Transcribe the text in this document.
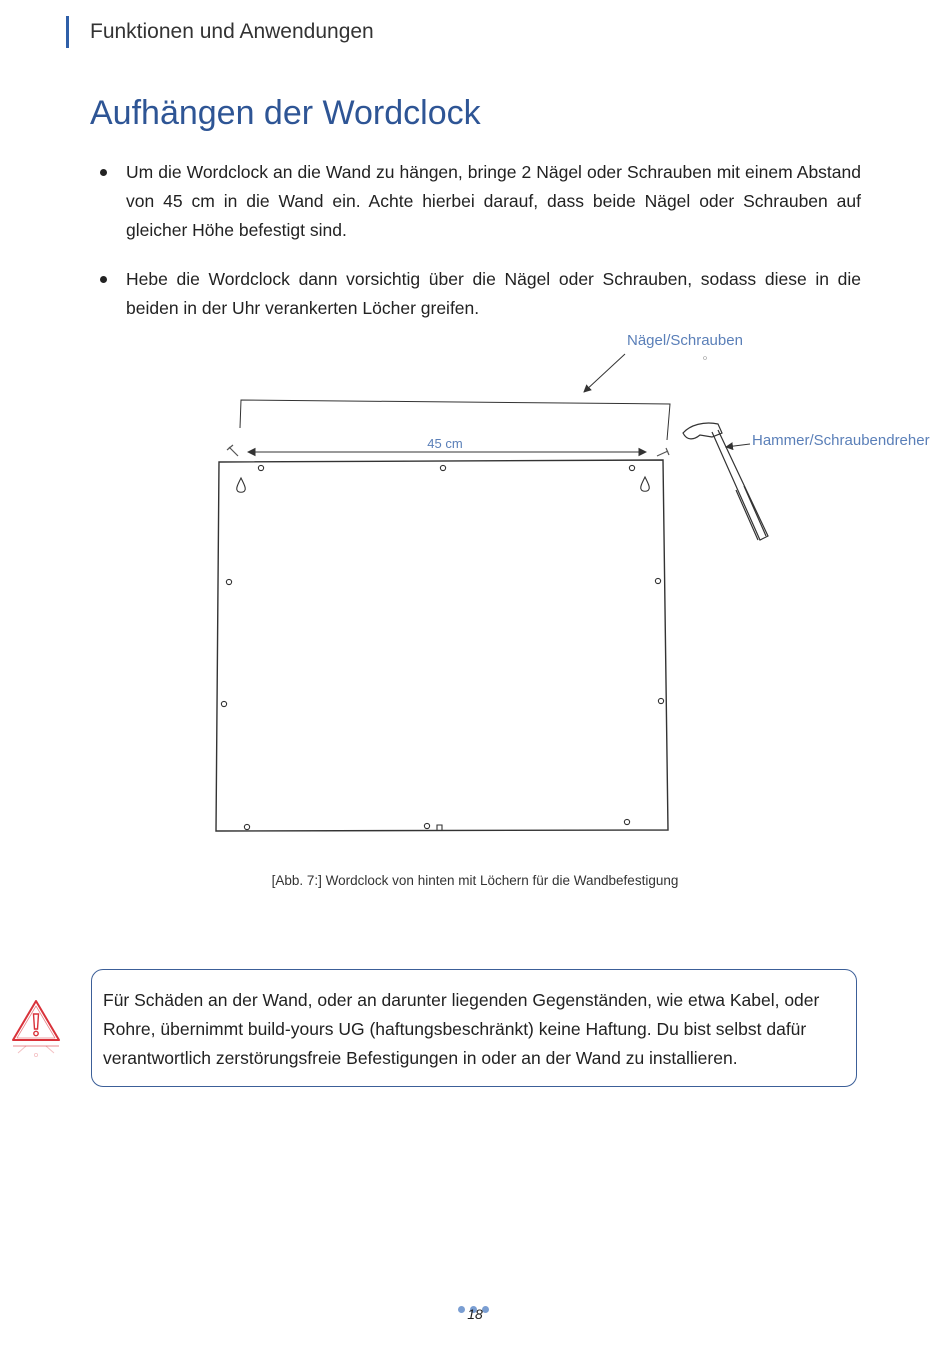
Funktionen und Anwendungen
Aufhängen der Wordclock
Um die Wordclock an die Wand zu hängen, bringe 2 Nägel oder Schrauben mit einem Abstand von 45 cm in die Wand ein. Achte hierbei darauf, dass beide Nägel oder Schrauben auf gleicher Höhe befestigt sind.
Hebe die Wordclock dann vorsichtig über die Nägel oder Schrauben, sodass diese in die beiden in der Uhr verankerten Löcher greifen.
45 cm
Nägel/Schrauben
Hammer/Schraubendreher
[Abb. 7:] Wordclock von hinten mit Löchern für die Wandbefestigung
Für Schäden an der Wand, oder an darunter liegenden Gegenständen, wie etwa Kabel, oder Rohre, übernimmt build-yours UG (haftungsbeschränkt) keine Haftung. Du bist selbst dafür verantwortlich zerstörungsfreie Befestigungen in oder an der Wand zu installieren.
18
